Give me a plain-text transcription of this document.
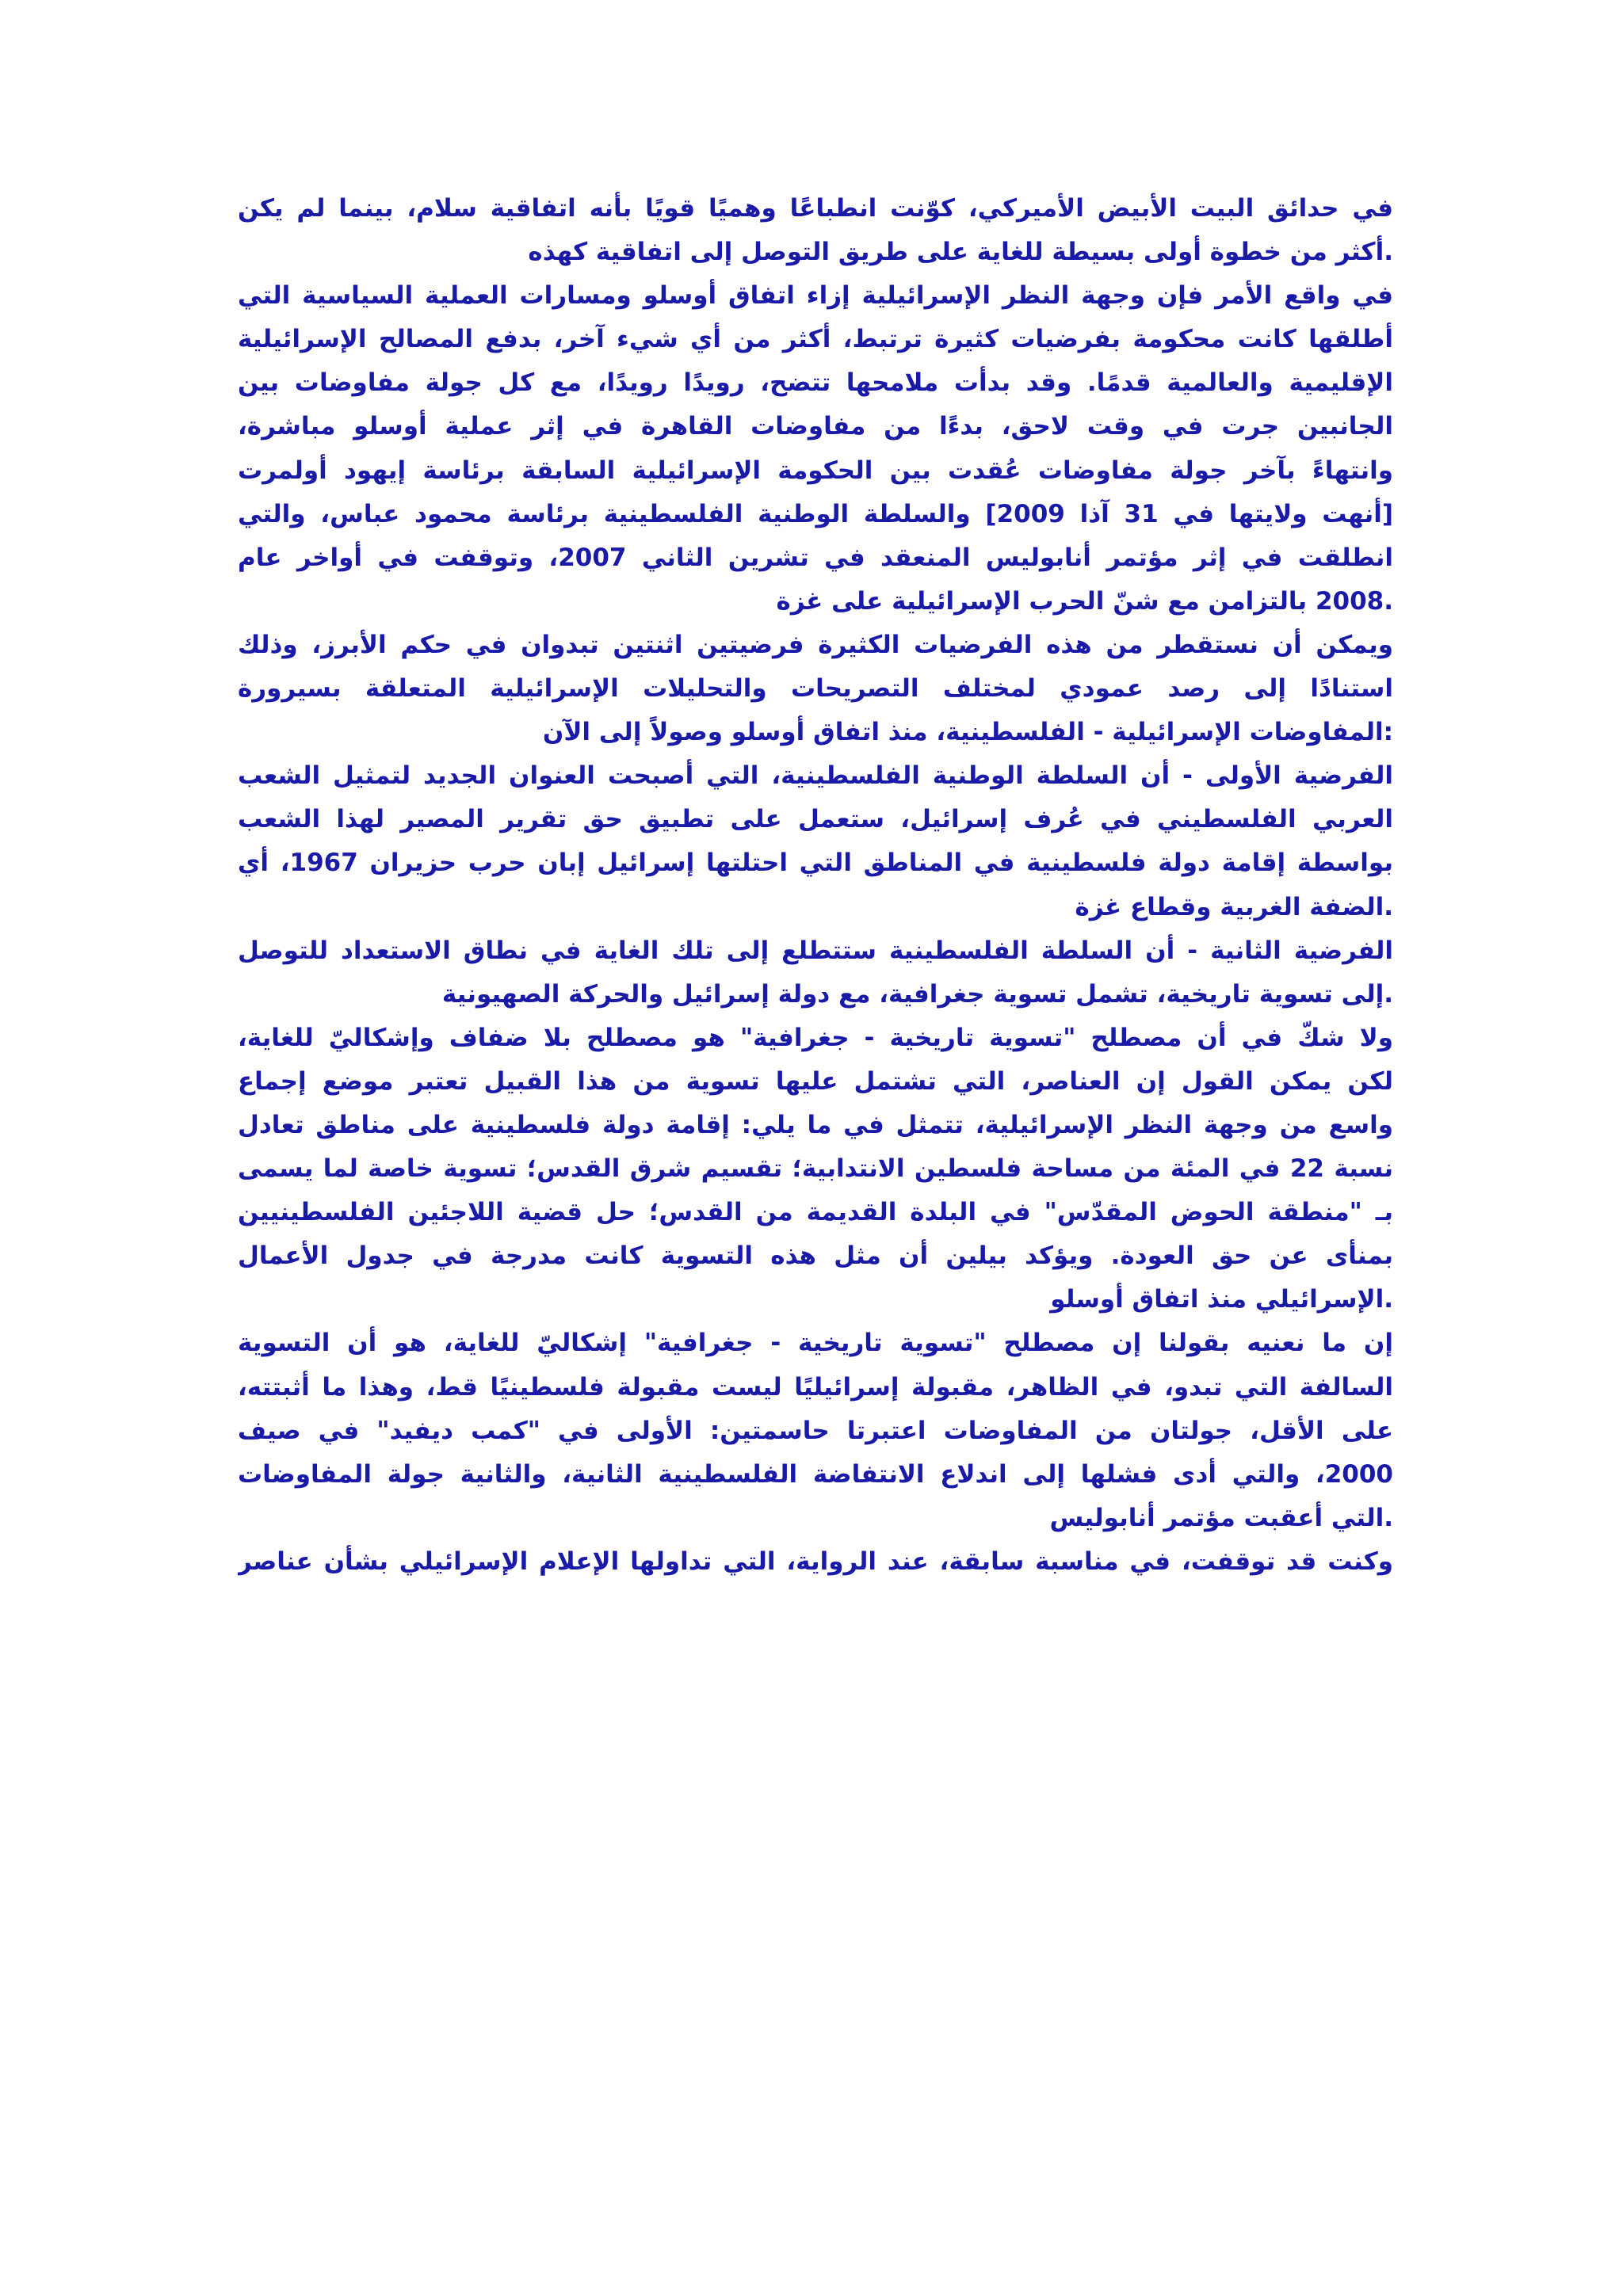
في حدائق البيت الأبيض الأميركي، كوّنت انطباعًا وهميًا قويًا بأنه اتفاقية سلام، بينما لم يكن
.أكثر من خطوة أولى بسيطة للغاية على طريق التوصل إلى اتفاقية كهذه
في واقع الأمر فإن وجهة النظر الإسرائيلية إزاء اتفاق أوسلو ومسارات العملية السياسية التي
أطلقها كانت محكومة بفرضيات كثيرة ترتبط، أكثر من أي شيء آخر، بدفع المصالح الإسرائيلية
الإقليمية والعالمية قدمًا. وقد بدأت ملامحها تتضح، رويدًا رويدًا، مع كل جولة مفاوضات بين
الجانبين جرت في وقت لاحق، بدءًا من مفاوضات القاهرة في إثر عملية أوسلو مباشرة،
وانتهاءً بآخر جولة مفاوضات عُقدت بين الحكومة الإسرائيلية السابقة برئاسة إيهود أولمرت
[أنهت ولايتها في 31 آذا 2009] والسلطة الوطنية الفلسطينية برئاسة محمود عباس، والتي
انطلقت في إثر مؤتمر أنابوليس المنعقد في تشرين الثاني 2007، وتوقفت في أواخر عام
.2008 بالتزامن مع شنّ الحرب الإسرائيلية على غزة
ويمكن أن نستقطر من هذه الفرضيات الكثيرة فرضيتين اثنتين تبدوان في حكم الأبرز، وذلك
استنادًا إلى رصد عمودي لمختلف التصريحات والتحليلات الإسرائيلية المتعلقة بسيرورة
:المفاوضات الإسرائيلية - الفلسطينية، منذ اتفاق أوسلو وصولاً إلى الآن
الفرضية الأولى - أن السلطة الوطنية الفلسطينية، التي أصبحت العنوان الجديد لتمثيل الشعب
العربي الفلسطيني في عُرف إسرائيل، ستعمل على تطبيق حق تقرير المصير لهذا الشعب
بواسطة إقامة دولة فلسطينية في المناطق التي احتلتها إسرائيل إبان حرب حزيران 1967، أي
.الضفة الغربية وقطاع غزة
الفرضية الثانية - أن السلطة الفلسطينية ستتطلع إلى تلك الغاية في نطاق الاستعداد للتوصل
.إلى تسوية تاريخية، تشمل تسوية جغرافية، مع دولة إسرائيل والحركة الصهيونية
ولا شكّ في أن مصطلح "تسوية تاريخية - جغرافية" هو مصطلح بلا ضفاف وإشكاليّ للغاية،
لكن يمكن القول إن العناصر، التي تشتمل عليها تسوية من هذا القبيل تعتبر موضع إجماع
واسع من وجهة النظر الإسرائيلية، تتمثل في ما يلي: إقامة دولة فلسطينية على مناطق تعادل
نسبة 22 في المئة من مساحة فلسطين الانتدابية؛ تقسيم شرق القدس؛ تسوية خاصة لما يسمى
بـ "منطقة الحوض المقدّس" في البلدة القديمة من القدس؛ حل قضية اللاجئين الفلسطينيين
بمنأى عن حق العودة. ويؤكد بيلين أن مثل هذه التسوية كانت مدرجة في جدول الأعمال
.الإسرائيلي منذ اتفاق أوسلو
إن ما نعنيه بقولنا إن مصطلح "تسوية تاريخية - جغرافية" إشكاليّ للغاية، هو أن التسوية
السالفة التي تبدو، في الظاهر، مقبولة إسرائيليًا ليست مقبولة فلسطينيًا قط، وهذا ما أثبتته،
على الأقل، جولتان من المفاوضات اعتبرتا حاسمتين: الأولى في "كمب ديفيد" في صيف
2000، والتي أدى فشلها إلى اندلاع الانتفاضة الفلسطينية الثانية، والثانية جولة المفاوضات
.التي أعقبت مؤتمر أنابوليس
وكنت قد توقفت، في مناسبة سابقة، عند الرواية، التي تداولها الإعلام الإسرائيلي بشأن عناصر
